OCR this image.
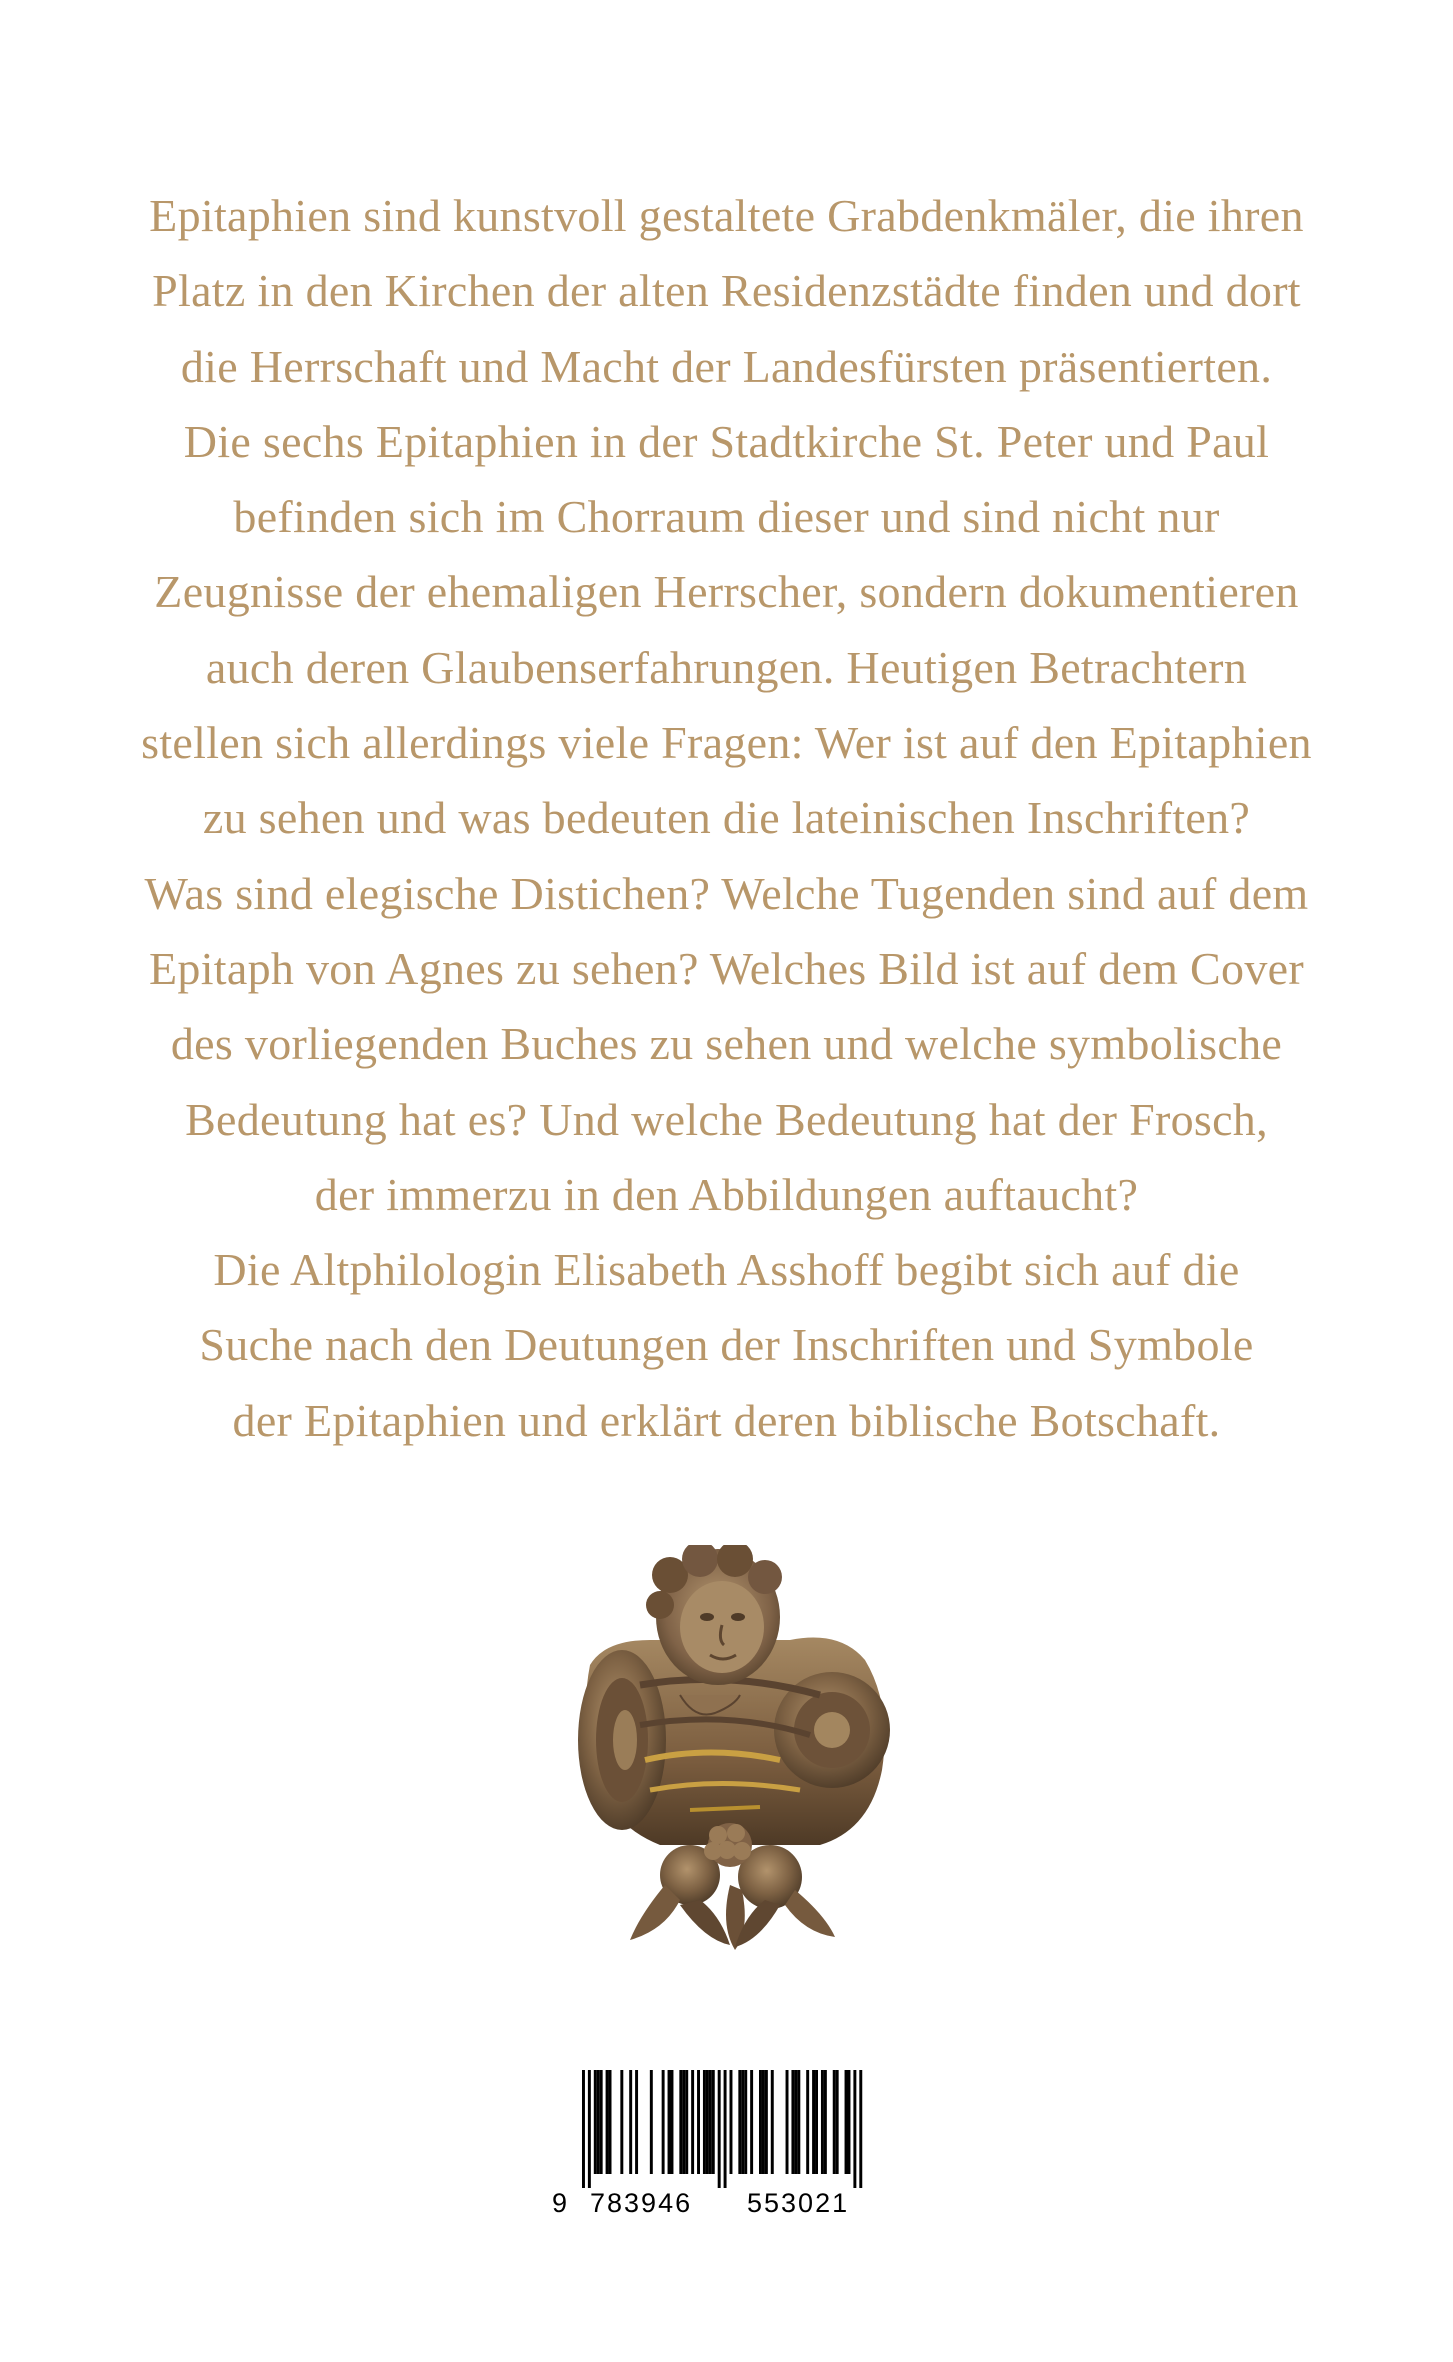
Epitaphien sind kunstvoll gestaltete Grabdenkmäler, die ihren
Platz in den Kirchen der alten Residenzstädte finden und dort
die Herrschaft und Macht der Landesfürsten präsentierten.
Die sechs Epitaphien in der Stadtkirche St. Peter und Paul
befinden sich im Chorraum dieser und sind nicht nur
Zeugnisse der ehemaligen Herrscher, sondern dokumentieren
auch deren Glaubenserfahrungen. Heutigen Betrachtern
stellen sich allerdings viele Fragen: Wer ist auf den Epitaphien
zu sehen und was bedeuten die lateinischen Inschriften?
Was sind elegische Distichen? Welche Tugenden sind auf dem
Epitaph von Agnes zu sehen? Welches Bild ist auf dem Cover
des vorliegenden Buches zu sehen und welche symbolische
Bedeutung hat es? Und welche Bedeutung hat der Frosch,
der immerzu in den Abbildungen auftaucht?
Die Altphilologin Elisabeth Asshoff begibt sich auf die
Suche nach den Deutungen der Inschriften und Symbole
der Epitaphien und erklärt deren biblische Botschaft.
9 783946 553021
